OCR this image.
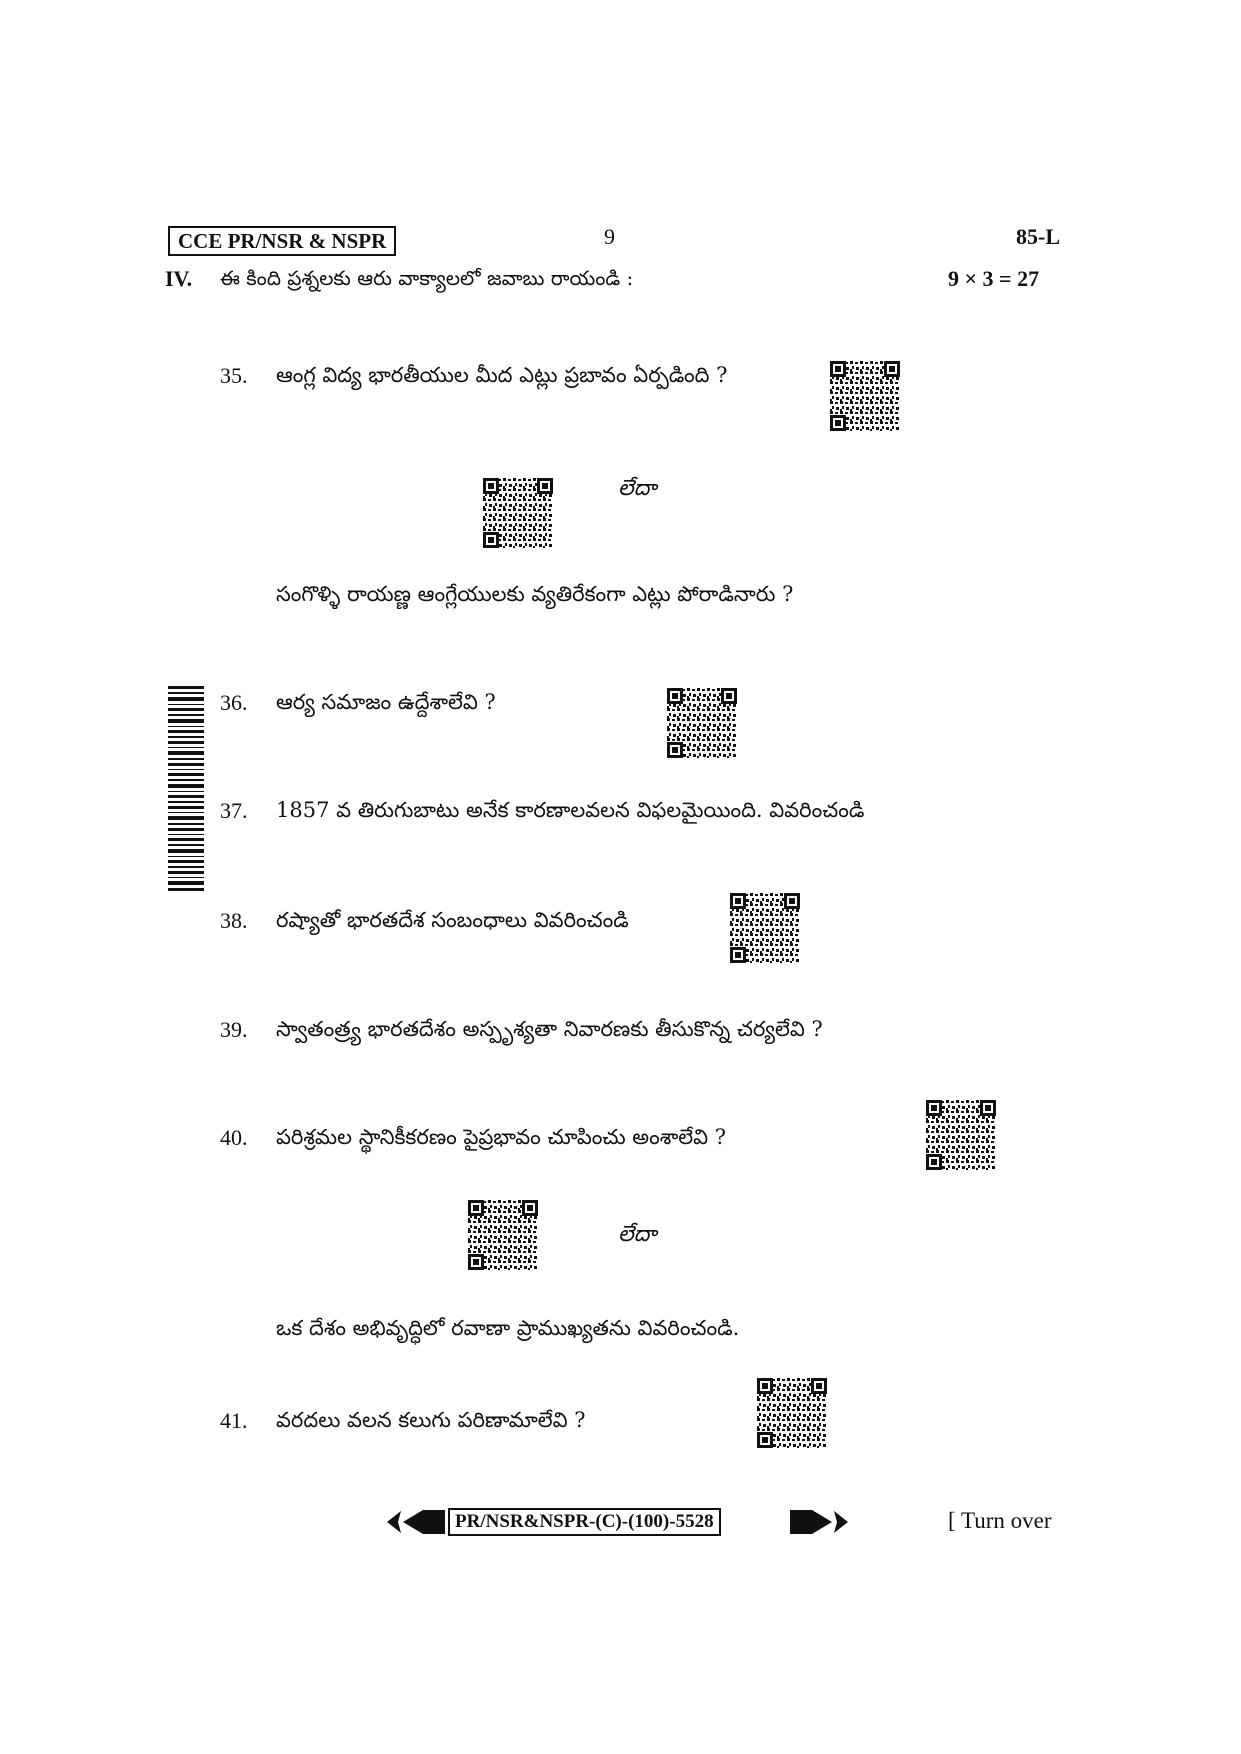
CCE PR/NSR & NSPR	9	85-L
IV. ఈ కింది ప్రశ్నలకు ఆరు వాక్యాలలో జవాబు రాయండి :	9 × 3 = 27
35. ఆంగ్ల విద్య భారతీయుల మీద ఎట్లు ప్రబావం ఏర్పడింది ?
లేదా
సంగొళ్ళి రాయణ్ణ ఆంగ్లేయులకు వ్యతిరేకంగా ఎట్లు పోరాడినారు ?
36. ఆర్య సమాజం ఉద్దేశాలేవి ?
37. 1857 వ తిరుగుబాటు అనేక కారణాలవలన విఫలమైయింది. వివరించండి
38. రష్యాతో భారతదేశ సంబంధాలు వివరించండి
39. స్వాతంత్ర్య భారతదేశం అస్పృశ్యతా నివారణకు తీసుకొన్న చర్యలేవి ?
40. పరిశ్రమల స్థానికీకరణం పైప్రభావం చూపించు అంశాలేవి ?
లేదా
ఒక దేశం అభివృద్ధిలో రవాణా ప్రాముఖ్యతను వివరించండి.
41. వరదలు వలన కలుగు పరిణామాలేవి ?
PR/NSR&NSPR-(C)-(100)-5528	[ Turn over
